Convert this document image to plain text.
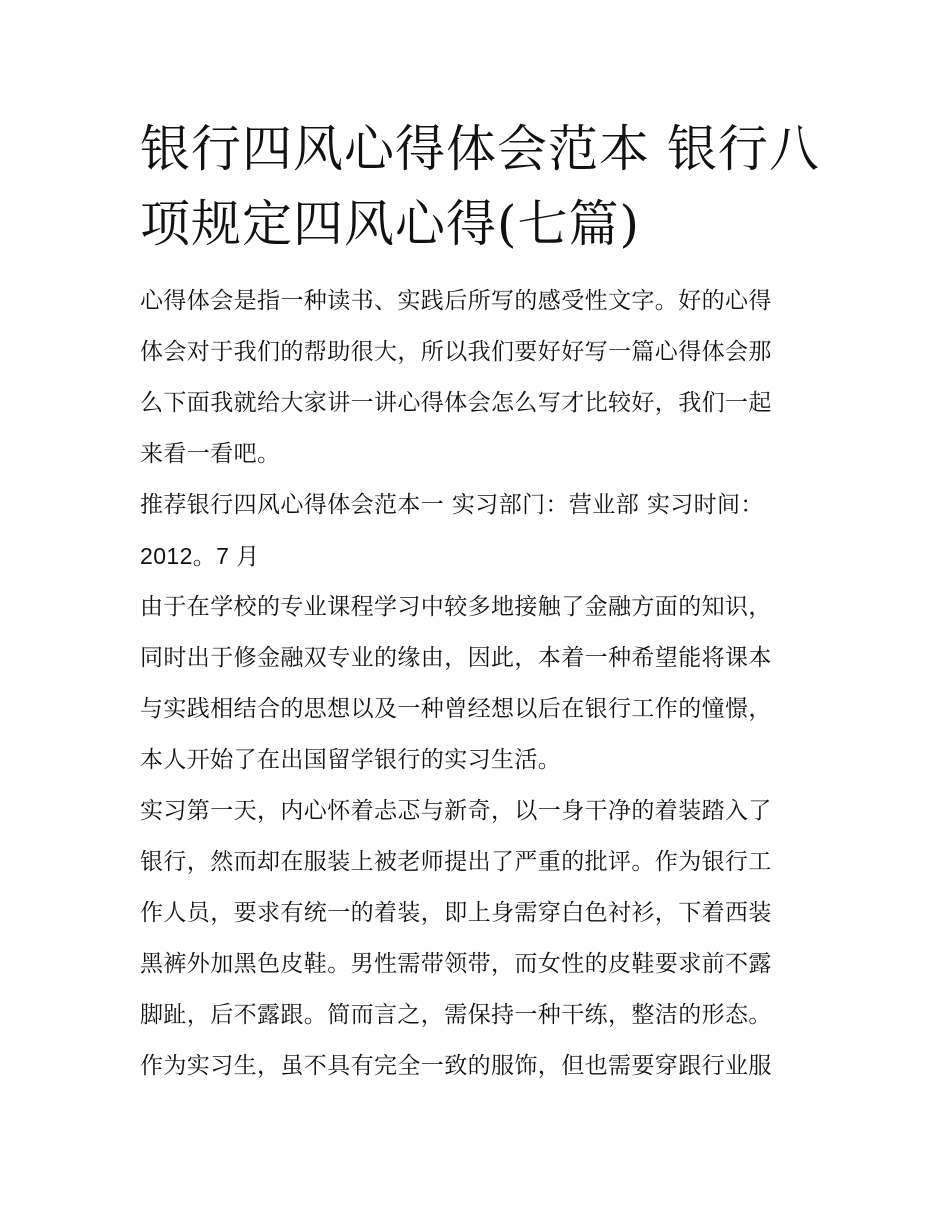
银行四风心得体会范本 银行八
项规定四风心得(七篇)
心得体会是指一种读书、实践后所写的感受性文字。好的心得
体会对于我们的帮助很大，所以我们要好好写一篇心得体会那
么下面我就给大家讲一讲心得体会怎么写才比较好，我们一起
来看一看吧。
推荐银行四风心得体会范本一 实习部门：营业部 实习时间：
2012。7 月
由于在学校的专业课程学习中较多地接触了金融方面的知识，
同时出于修金融双专业的缘由，因此，本着一种希望能将课本
与实践相结合的思想以及一种曾经想以后在银行工作的憧憬，
本人开始了在出国留学银行的实习生活。
实习第一天，内心怀着忐忑与新奇，以一身干净的着装踏入了
银行，然而却在服装上被老师提出了严重的批评。作为银行工
作人员，要求有统一的着装，即上身需穿白色衬衫，下着西装
黑裤外加黑色皮鞋。男性需带领带，而女性的皮鞋要求前不露
脚趾，后不露跟。简而言之，需保持一种干练，整洁的形态。
作为实习生，虽不具有完全一致的服饰，但也需要穿跟行业服
